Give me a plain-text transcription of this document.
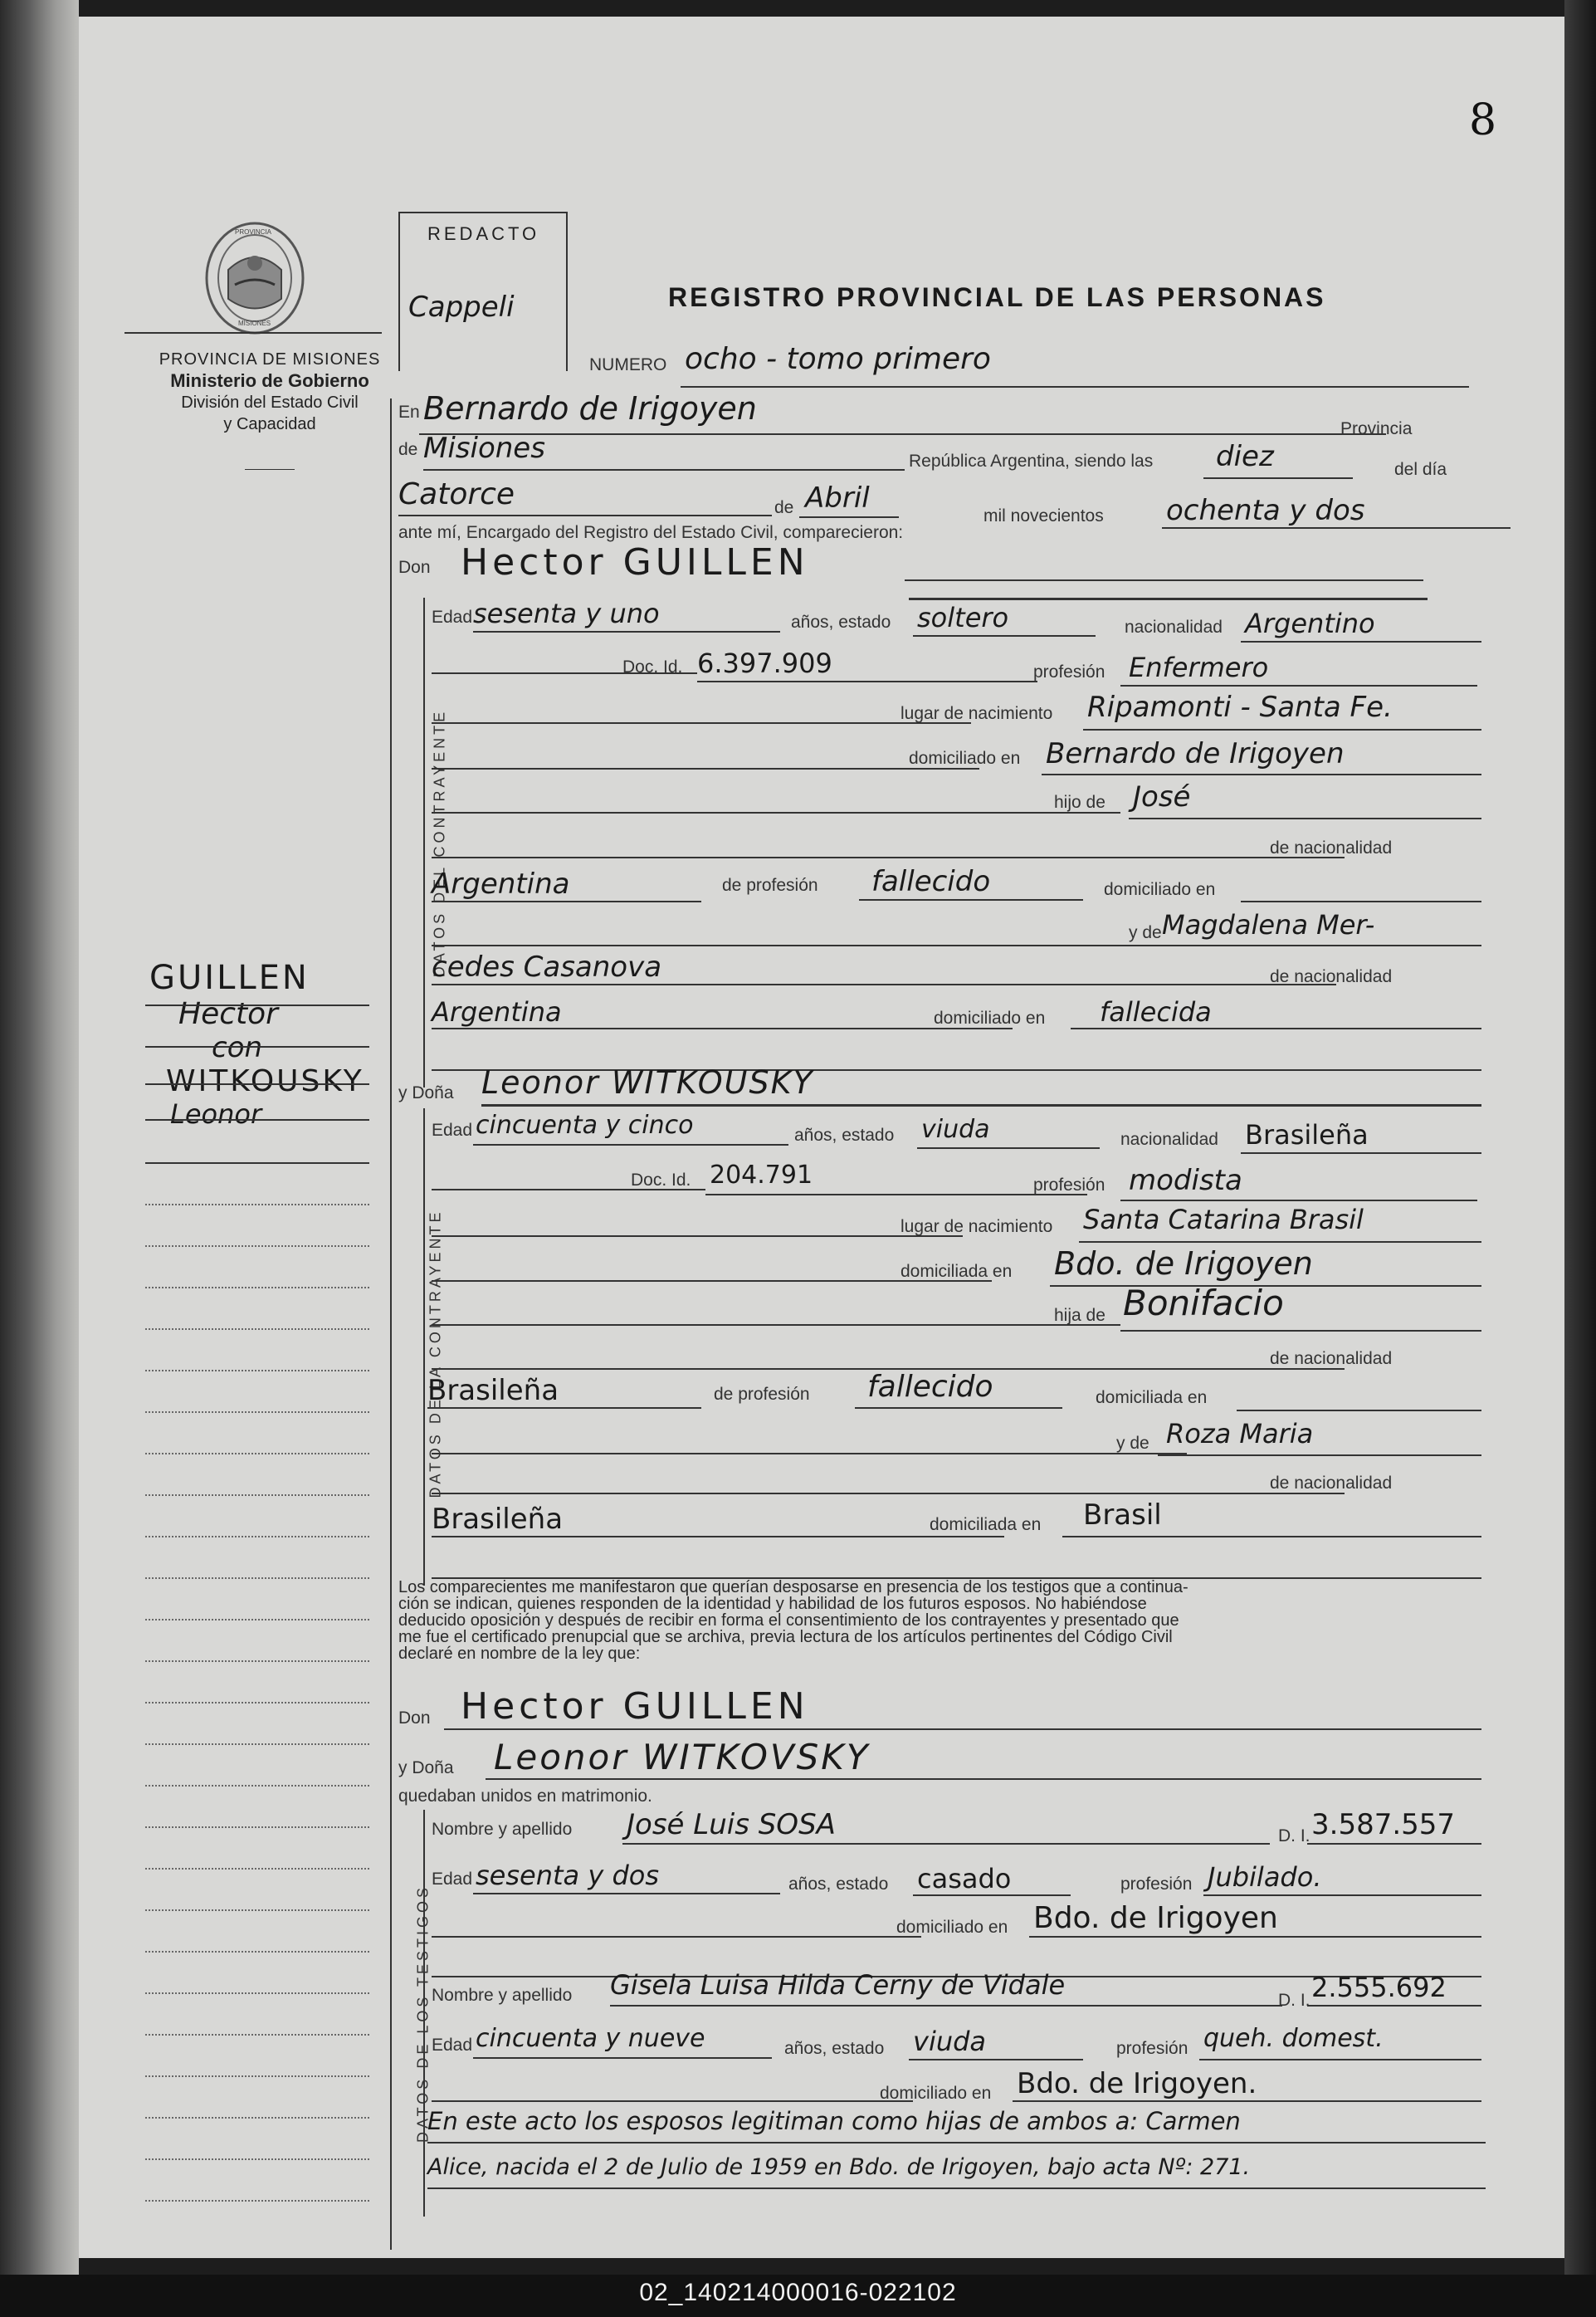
8
PROVINCIA
MISIONES
PROVINCIA DE MISIONES
Ministerio de Gobierno
División del Estado Civil
y Capacidad
REDACTO
Cappeli	REGISTRO PROVINCIAL DE LAS PERSONAS
GUILLEN
Hector
con
WITKOUSKY
Leonor
NUMERO ocho - tomo primero
En Bernardo de Irigoyen
Provincia
de Misiones	República Argentina, siendo las diez	del día
Catorce	de Abril
mil novecientos ochenta y dos
ante mí, Encargado del Registro del Estado Civil, comparecieron:
Don Hector GUILLEN
DATOS DEL CONTRAYENTE
Edad sesenta y uno	años, estado soltero	nacionalidad Argentino
Doc. Id. 6.397.909	profesión Enfermero
lugar de nacimiento Ripamonti - Santa Fe.
domiciliado en Bernardo de Irigoyen
hijo de José
de nacionalidad
Argentina	de profesión fallecido	domiciliado en
y de Magdalena Mer-
cedes Casanova	de nacionalidad
Argentina	domiciliado en fallecida
y Doña Leonor WITKOUSKY
DATOS DE LA CONTRAYENTE
Edad cincuenta y cinco	años, estado viuda	nacionalidad Brasileña
Doc. Id. 204.791	profesión modista
lugar de nacimiento Santa Catarina Brasil
domiciliada en Bdo. de Irigoyen
hija de Bonifacio
de nacionalidad
Brasileña	de profesión fallecido	domiciliada en
y de Roza Maria
de nacionalidad
Brasileña	domiciliada en Brasil
Los comparecientes me manifestaron que querían desposarse en presencia de los testigos que a continua-
ción se indican, quienes responden de la identidad y habilidad de los futuros esposos. No habiéndose
deducido oposición y después de recibir en forma el consentimiento de los contrayentes y presentado que
me fue el certificado prenupcial que se archiva, previa lectura de los artículos pertinentes del Código Civil
declaré en nombre de la ley que:
Don Hector GUILLEN
y Doña Leonor WITKOVSKY
quedaban unidos en matrimonio.
DATOS DE LOS TESTIGOS
Nombre y apellido José Luis SOSA	D. I. 3.587.557
Edad sesenta y dos	años, estado casado	profesión Jubilado.
domiciliado en Bdo. de Irigoyen
Nombre y apellido Gisela Luisa Hilda Cerny de Vidale	D. I. 2.555.692
Edad cincuenta y nueve	años, estado viuda	profesión queh. domest.
domiciliado en Bdo. de Irigoyen.
En este acto los esposos legitiman como hijas de ambos a: Carmen
Alice, nacida el 2 de Julio de 1959 en Bdo. de Irigoyen, bajo acta Nº: 271.
02_140214000016-022102
